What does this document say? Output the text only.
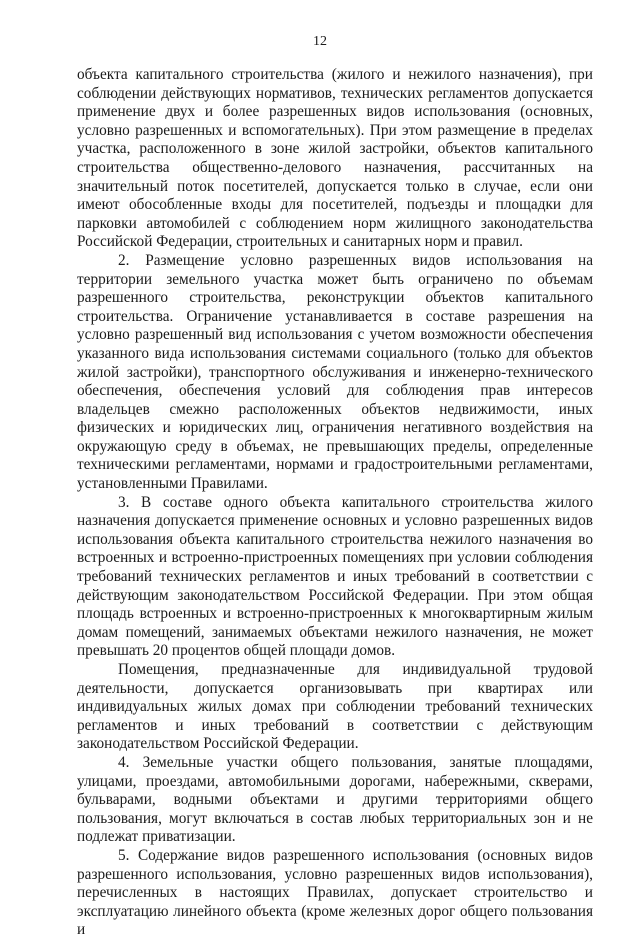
12

объекта капитального строительства (жилого и нежилого назначения), при соблюдении действующих нормативов, технических регламентов допускается применение двух и более разрешенных видов использования (основных, условно разрешенных и вспомогательных). При этом размещение в пределах участка, расположенного в зоне жилой застройки, объектов капитального строительства общественно-делового назначения, рассчитанных на значительный поток посетителей, допускается только в случае, если они имеют обособленные входы для посетителей, подъезды и площадки для парковки автомобилей с соблюдением норм жилищного законодательства Российской Федерации, строительных и санитарных норм и правил.

2. Размещение условно разрешенных видов использования на территории земельного участка может быть ограничено по объемам разрешенного строительства, реконструкции объектов капитального строительства. Ограничение устанавливается в составе разрешения на условно разрешенный вид использования с учетом возможности обеспечения указанного вида использования системами социального (только для объектов жилой застройки), транспортного обслуживания и инженерно-технического обеспечения, обеспечения условий для соблюдения прав интересов владельцев смежно расположенных объектов недвижимости, иных физических и юридических лиц, ограничения негативного воздействия на окружающую среду в объемах, не превышающих пределы, определенные техническими регламентами, нормами и градостроительными регламентами, установленными Правилами.

3. В составе одного объекта капитального строительства жилого назначения допускается применение основных и условно разрешенных видов использования объекта капитального строительства нежилого назначения во встроенных и встроенно-пристроенных помещениях при условии соблюдения требований технических регламентов и иных требований в соответствии с действующим законодательством Российской Федерации. При этом общая площадь встроенных и встроенно-пристроенных к многоквартирным жилым домам помещений, занимаемых объектами нежилого назначения, не может превышать 20 процентов общей площади домов.

Помещения, предназначенные для индивидуальной трудовой деятельности, допускается организовывать при квартирах или индивидуальных жилых домах при соблюдении требований технических регламентов и иных требований в соответствии с действующим законодательством Российской Федерации.

4. Земельные участки общего пользования, занятые площадями, улицами, проездами, автомобильными дорогами, набережными, скверами, бульварами, водными объектами и другими территориями общего пользования, могут включаться в состав любых территориальных зон и не подлежат приватизации.

5. Содержание видов разрешенного использования (основных видов разрешенного использования, условно разрешенных видов использования), перечисленных в настоящих Правилах, допускает строительство и эксплуатацию линейного объекта (кроме железных дорог общего пользования и
